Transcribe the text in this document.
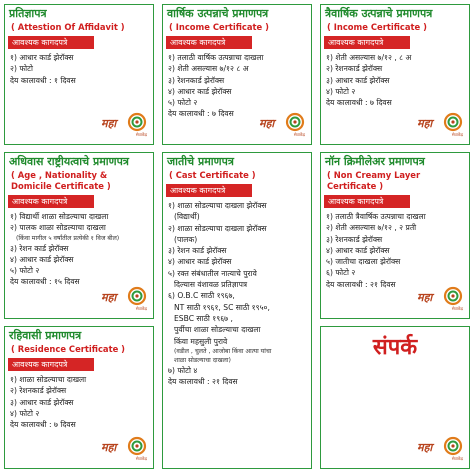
प्रतिज्ञापत्र
( Attestion Of Affidavit )
आवश्यक कागदपत्रे
१) आधार कार्ड झेरॉक्स
२) फोटो
देय कालावधी : १ दिवस
महा
सेवाकेंद्र
वार्षिक उत्पन्नाचे प्रमाणपत्र
( Income Certificate )
आवश्यक कागदपत्रे
१) तलाठी वार्षिक उत्पन्नाचा दाखला
२) शेती असल्यास ७/१२ ८ अ
३) रेशनकार्ड झेरॉक्स
४) आधार कार्ड झेरॉक्स
५) फोटो २
देय कालावधी : ७ दिवस
महा
सेवाकेंद्र
त्रैवार्षिक उत्पन्नाचे प्रमाणपत्र
( Income Certificate )
आवश्यक कागदपत्रे
१) शेती असल्यास ७/१२ , ८ अ
२) रेशनकार्ड झेरॉक्स
३) आधार कार्ड झेरॉक्स
४) फोटो २
देय कालावधी : ७ दिवस
महा
सेवाकेंद्र
अधिवास राष्ट्रीयत्वाचे प्रमाणपत्र
( Age , Nationality & Domicile Certificate )
आवश्यक कागदपत्रे
१) विद्यार्थी शाळा सोडल्याचा दाखला
२) पालक शाळा सोडल्याचा दाखला
(किंवा मागील ५ वर्षांतील प्रत्येकी १ विज बील)
३) रेशन कार्ड झेरॉक्स
४) आधार कार्ड झेरॉक्स
५) फोटो २
देय कालावधी : १५ दिवस
महा
सेवाकेंद्र
जातीचे प्रमाणपत्र
( Cast Certificate )
आवश्यक कागदपत्रे
१) शाळा सोडल्याचा दाखला झेरॉक्स
(विद्यार्थी)
२) शाळा सोडल्याचा दाखला झेरॉक्स
(पालक)
३) रेशन कार्ड झेरॉक्स
४) आधार कार्ड झेरॉक्स
५) रक्त संबंधातील नात्याचे पुरावे
दिल्यास वंशावळ प्रतिज्ञापत्र
६) O.B.C साठी १९६७,
NT साठी १९६१, SC साठी १९५०,
ESBC साठी १९६७ ,
पुर्वीचा शाळा सोडल्याचा दाखला
किंवा महसुली पुरावे
(वडील , चुलते , आजोबा किंवा आत्या यांचा
शाळा सोडल्याचा दाखला)
७) फोटो ४
देय कालावधी : २१ दिवस
नॉन क्रिमीलेअर प्रमाणपत्र
( Non Creamy Layer Certificate )
आवश्यक कागदपत्रे
१) तलाठी त्रैवार्षिक उत्पन्नाचा दाखला
२) शेती असल्यास ७/१२ , २ प्रती
३) रेशनकार्ड झेरॉक्स
४) आधार कार्ड झेरॉक्स
५) जातीचा दाखला झेरॉक्स
६) फोटो २
देय कालावधी : २१ दिवस
महा
सेवाकेंद्र
रहिवासी प्रमाणपत्र
( Residence Certificate )
आवश्यक कागदपत्रे
१) शाळा सोडल्याचा दाखला
२) रेशनकार्ड झेरॉक्स
३) आधार कार्ड झेरॉक्स
४) फोटो २
देय कालावधी : ७ दिवस
महा
सेवाकेंद्र
संपर्क
महा
सेवाकेंद्र
